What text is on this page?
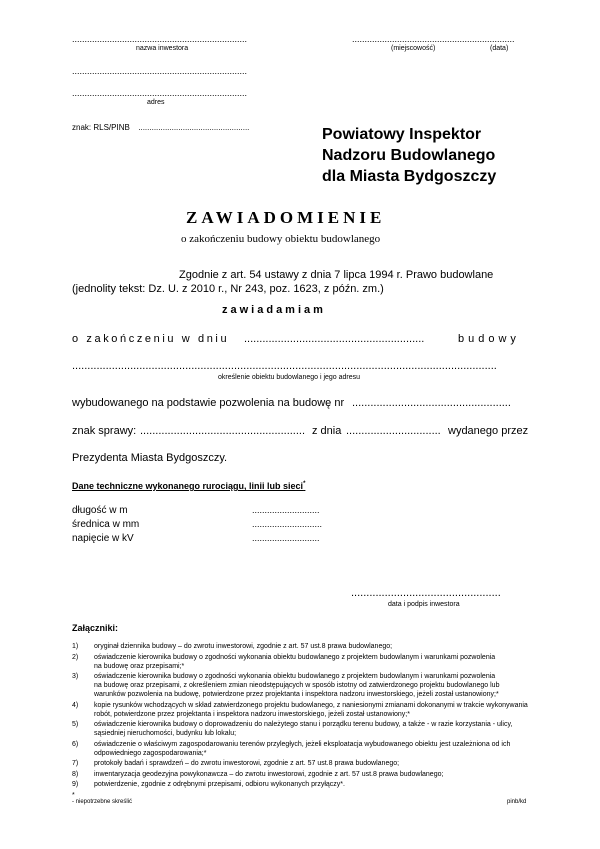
......................................................................
nazwa inwestora
.................................................................
(miejscowość)	(data)
......................................................................
......................................................................
adres
znak: RLS/PINB ..................................................	Powiatowy Inspektor
Nadzoru Budowlanego
dla Miasta Bydgoszczy
ZAWIADOMIENIE
o zakończeniu budowy obiektu budowlanego
Zgodnie z art. 54 ustawy z dnia 7 lipca 1994 r. Prawo budowlane
(jednolity tekst: Dz. U. z 2010 r., Nr 243, poz. 1623, z późn. zm.)
zawiadamiam
o zakończeniu w dniu ...........................................................	budowy
...........................................................................................................................................
określenie obiektu budowlanego i jego adresu
wybudowanego na podstawie pozwolenia na budowę nr ....................................................
znak sprawy: ...................................................... z dnia ............................... wydanego przez
Prezydenta Miasta Bydgoszczy.
Dane techniczne wykonanego rurociągu, linii lub sieci*
długość w m	...........................
średnica w mm	............................
napięcie w kV	...........................
.................................................
data i podpis inwestora
Załączniki:
1) oryginał dziennika budowy – do zwrotu inwestorowi, zgodnie z art. 57 ust.8 prawa budowlanego;
2) oświadczenie kierownika budowy o zgodności wykonania obiektu budowlanego z projektem budowlanym i warunkami pozwolenia
na budowę oraz przepisami;*
3) oświadczenie kierownika budowy o zgodności wykonania obiektu budowlanego z projektem budowlanym i warunkami pozwolenia
na budowę oraz przepisami, z określeniem zmian nieodstępujących w sposób istotny od zatwierdzonego projektu budowlanego lub
warunków pozwolenia na budowę, potwierdzone przez projektanta i inspektora nadzoru inwestorskiego, jeżeli został ustanowiony;*
4) kopie rysunków wchodzących w skład zatwierdzonego projektu budowlanego, z naniesionymi zmianami dokonanymi w trakcie wykonywania
robót, potwierdzone przez projektanta i inspektora nadzoru inwestorskiego, jeżeli został ustanowiony;*
5) oświadczenie kierownika budowy o doprowadzeniu do należytego stanu i porządku terenu budowy, a także - w razie korzystania - ulicy,
sąsiedniej nieruchomości, budynku lub lokalu;
6) oświadczenie o właściwym zagospodarowaniu terenów przyległych, jeżeli eksploatacja wybudowanego obiektu jest uzależniona od ich
odpowiedniego zagospodarowania;*
7) protokoły badań i sprawdzeń – do zwrotu inwestorowi, zgodnie z art. 57 ust.8 prawa budowlanego;
8) inwentaryzacja geodezyjna powykonawcza – do zwrotu inwestorowi, zgodnie z art. 57 ust.8 prawa budowlanego;
9) potwierdzenie, zgodnie z odrębnymi przepisami, odbioru wykonanych przyłączy*.
*
- niepotrzebne skreślić	pinb/kd
